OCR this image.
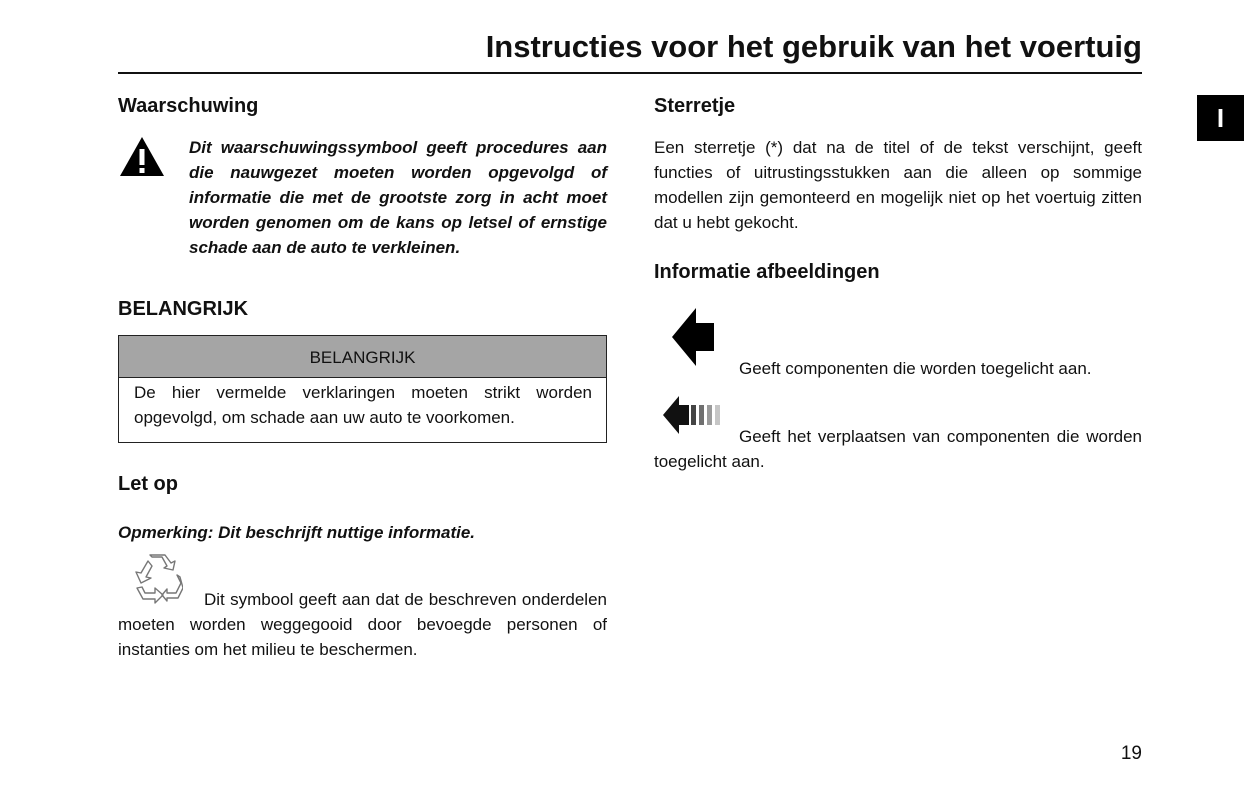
Instructies voor het gebruik van het voertuig
I
Waarschuwing
Dit waarschuwingssymbool geeft procedures aan die nauwgezet moeten worden opgevolgd of informatie die met de grootste zorg in acht moet worden genomen om de kans op letsel of ernstige schade aan de auto te verkleinen.
BELANGRIJK
BELANGRIJK
De hier vermelde verklaringen moeten strikt worden opgevolgd, om schade aan uw auto te voorkomen.
Let op
Opmerking: Dit beschrijft nuttige informatie.
Dit symbool geeft aan dat de beschreven onderdelen moeten worden weggegooid door bevoegde personen of instanties om het milieu te beschermen.
Sterretje
Een sterretje (*) dat na de titel of de tekst verschijnt, geeft functies of uitrustingsstukken aan die alleen op sommige modellen zijn gemonteerd en mogelijk niet op het voertuig zitten dat u hebt gekocht.
Informatie afbeeldingen
Geeft componenten die worden toegelicht aan.
Geeft het verplaatsen van componenten die worden toegelicht aan.
19
